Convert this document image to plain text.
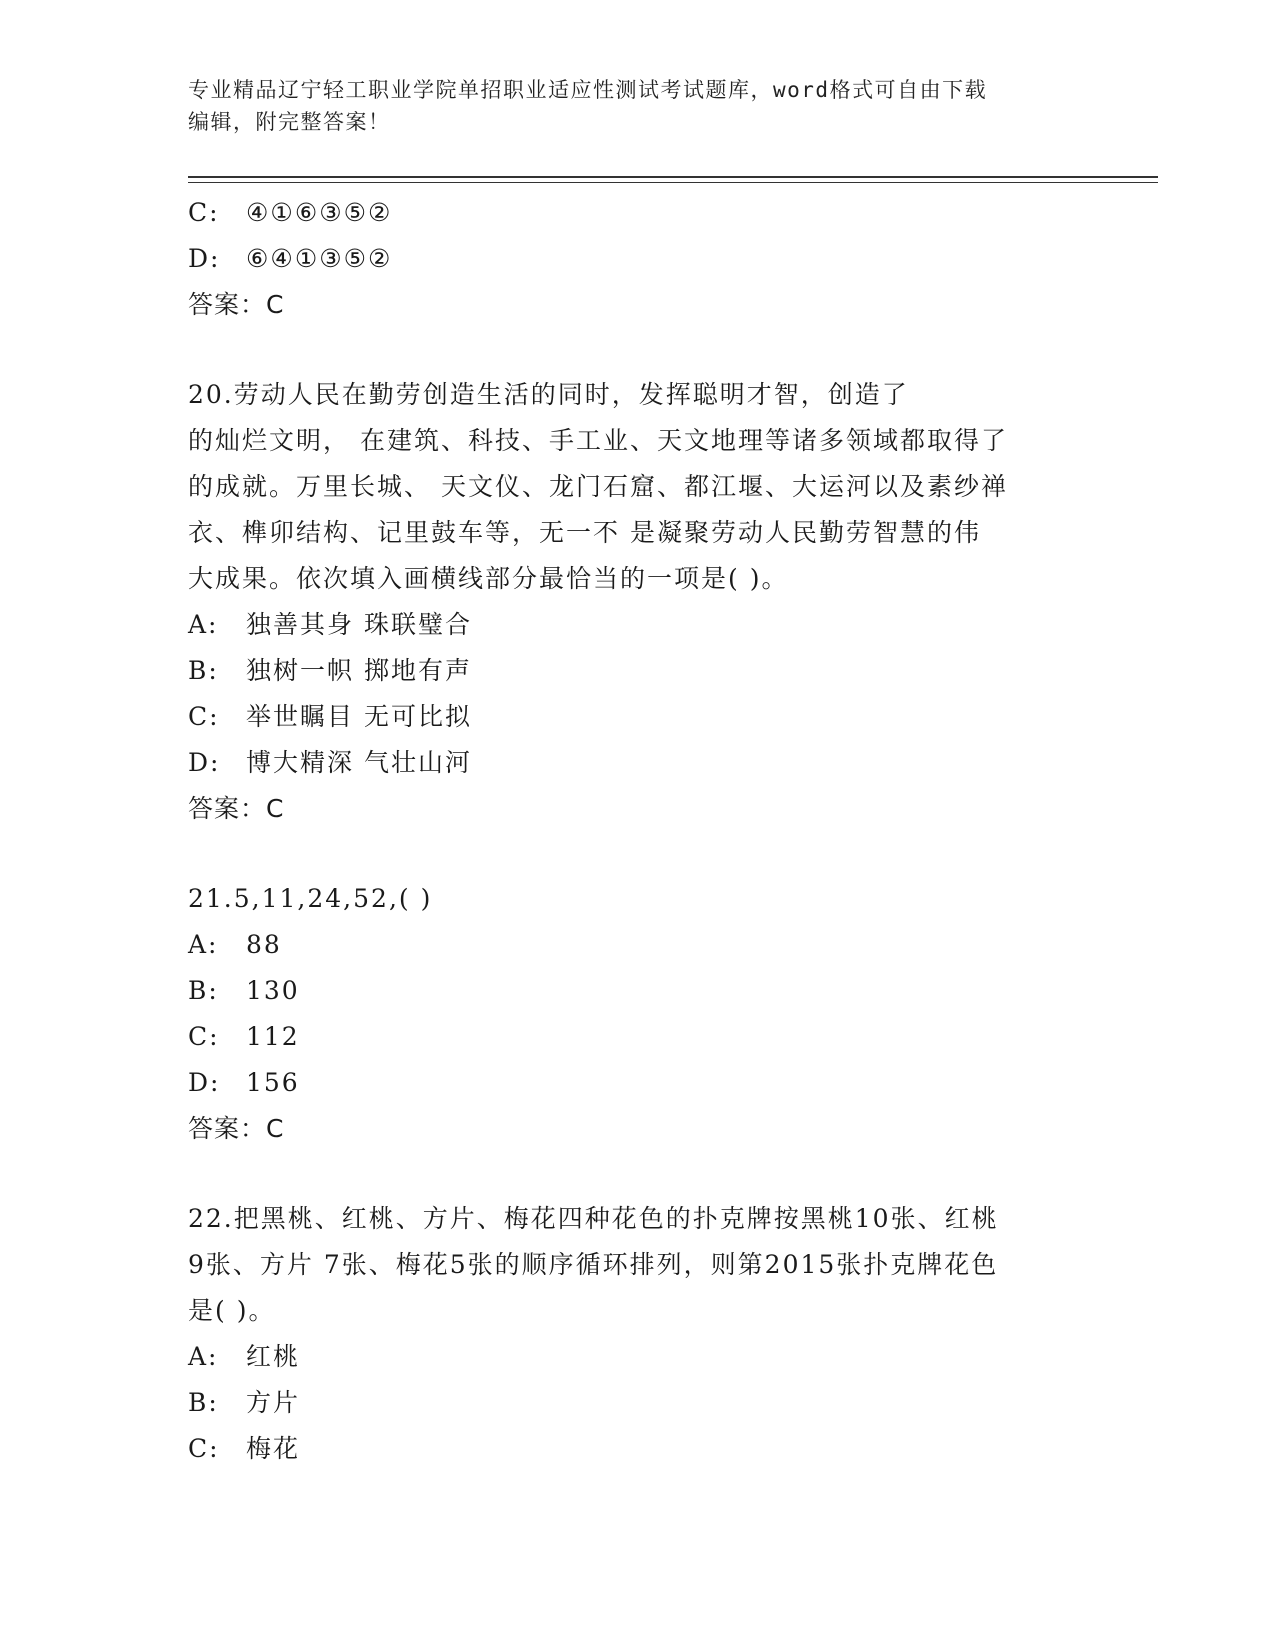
专业精品辽宁轻工职业学院单招职业适应性测试考试题库，word格式可自由下载
编辑，附完整答案！
C: ④①⑥③⑤②
D: ⑥④①③⑤②
答案：C
20.劳动人民在勤劳创造生活的同时，发挥聪明才智，创造了
的灿烂文明， 在建筑、科技、手工业、天文地理等诸多领域都取得了
的成就。万里长城、 天文仪、龙门石窟、都江堰、大运河以及素纱禅
衣、榫卯结构、记里鼓车等，无一不 是凝聚劳动人民勤劳智慧的伟
大成果。依次填入画横线部分最恰当的一项是( )。
A: 独善其身 珠联璧合
B: 独树一帜 掷地有声
C: 举世瞩目 无可比拟
D: 博大精深 气壮山河
答案：C
21.5,11,24,52,( )
A: 88
B: 130
C: 112
D: 156
答案：C
22.把黑桃、红桃、方片、梅花四种花色的扑克牌按黑桃10张、红桃
9张、方片 7张、梅花5张的顺序循环排列，则第2015张扑克牌花色
是( )。
A: 红桃
B: 方片
C: 梅花
